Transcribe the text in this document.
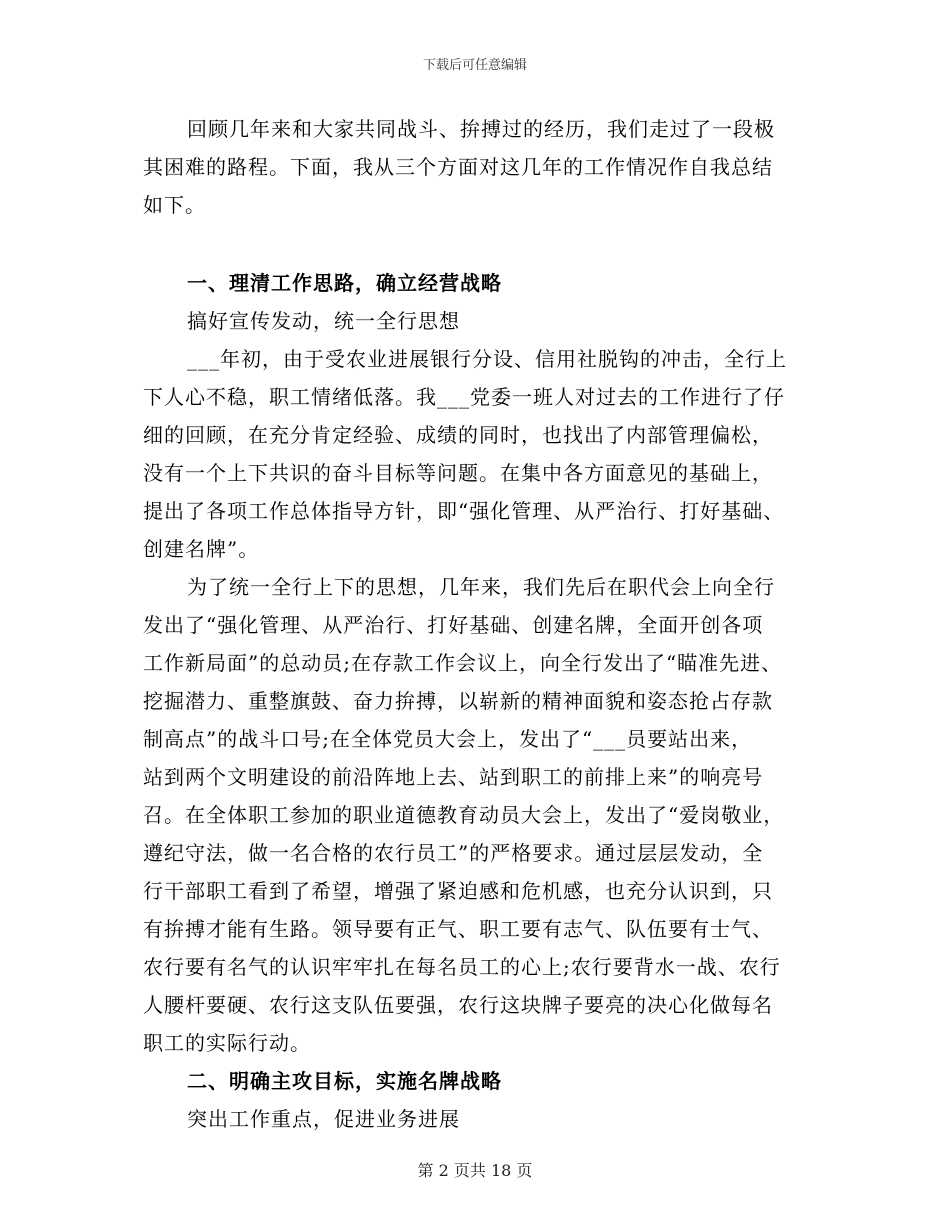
下载后可任意编辑
回顾几年来和大家共同战斗、拚搏过的经历，我们走过了一段极
其困难的路程。下面，我从三个方面对这几年的工作情况作自我总结
如下。
一、理清工作思路，确立经营战略
搞好宣传发动，统一全行思想
___年初，由于受农业进展银行分设、信用社脱钩的冲击，全行上
下人心不稳，职工情绪低落。我___党委一班人对过去的工作进行了仔
细的回顾，在充分肯定经验、成绩的同时，也找出了内部管理偏松，
没有一个上下共识的奋斗目标等问题。在集中各方面意见的基础上，
提出了各项工作总体指导方针，即“强化管理、从严治行、打好基础、
创建名牌”。
为了统一全行上下的思想，几年来，我们先后在职代会上向全行
发出了“强化管理、从严治行、打好基础、创建名牌，全面开创各项
工作新局面”的总动员;在存款工作会议上，向全行发出了“瞄准先进、
挖掘潜力、重整旗鼓、奋力拚搏，以崭新的精神面貌和姿态抢占存款
制高点”的战斗口号;在全体党员大会上，发出了“___员要站出来，
站到两个文明建设的前沿阵地上去、站到职工的前排上来”的响亮号
召。在全体职工参加的职业道德教育动员大会上，发出了“爱岗敬业，
遵纪守法，做一名合格的农行员工”的严格要求。通过层层发动，全
行干部职工看到了希望，增强了紧迫感和危机感，也充分认识到，只
有拚搏才能有生路。领导要有正气、职工要有志气、队伍要有士气、
农行要有名气的认识牢牢扎在每名员工的心上;农行要背水一战、农行
人腰杆要硬、农行这支队伍要强，农行这块牌子要亮的决心化做每名
职工的实际行动。
二、明确主攻目标，实施名牌战略
突出工作重点，促进业务进展
第 2 页共 18 页
